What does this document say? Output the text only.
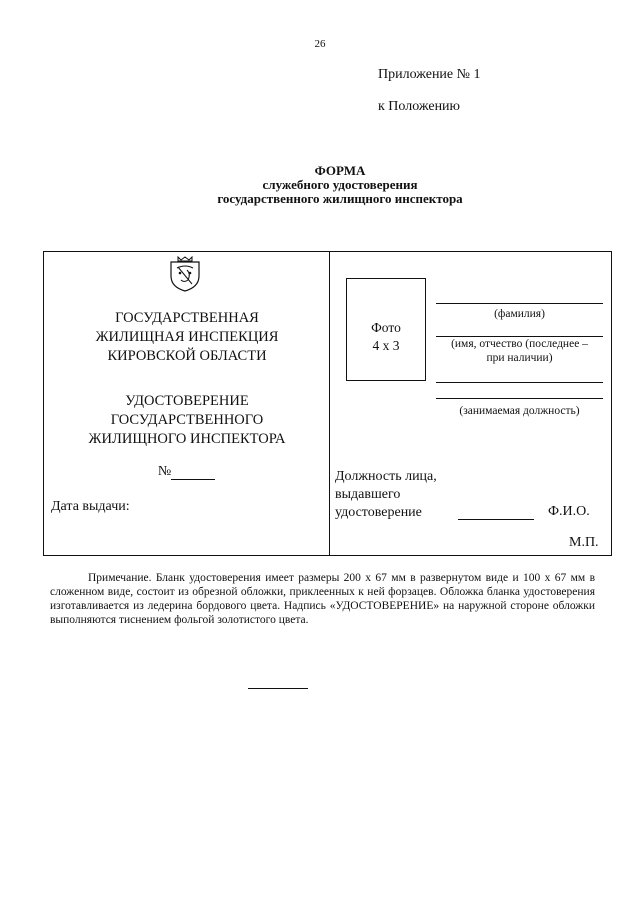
26
Приложение № 1
к Положению
ФОРМА
служебного удостоверения
государственного жилищного инспектора
ГОСУДАРСТВЕННАЯ
ЖИЛИЩНАЯ ИНСПЕКЦИЯ
КИРОВСКОЙ ОБЛАСТИ
УДОСТОВЕРЕНИЕ
ГОСУДАРСТВЕННОГО
ЖИЛИЩНОГО ИНСПЕКТОРА
№
Дата выдачи:
Фото
4 х 3
(фамилия)
(имя, отчество (последнее –
при наличии)
(занимаемая должность)
Должность лица,
выдавшего
удостоверение	Ф.И.О.
М.П.
Примечание. Бланк удостоверения имеет размеры 200 х 67 мм в развернутом виде и 100 х 67 мм в сложенном виде, состоит из обрезной обложки, приклеенных к ней форзацев. Обложка бланка удостоверения изготавливается из ледерина бордового цвета. Надпись «УДОСТОВЕРЕНИЕ» на наружной стороне обложки выполняются тиснением фольгой золотистого цвета.
